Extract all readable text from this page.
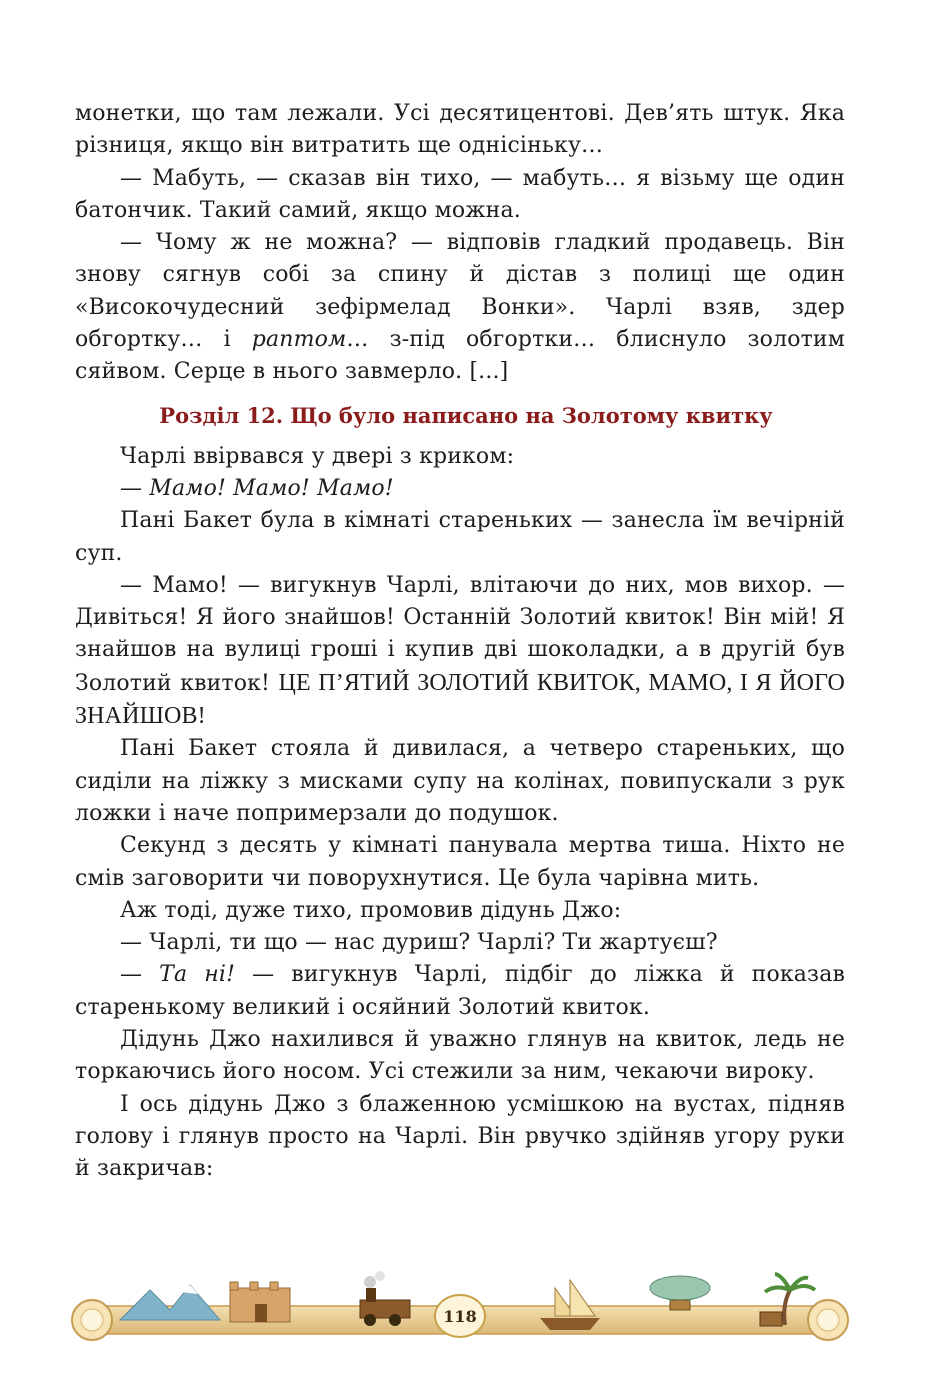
монетки, що там лежали. Усі десятицентові. Дев’ять штук. Яка різниця, якщо він витратить ще однісіньку…

— Мабуть, — сказав він тихо, — мабуть… я візьму ще один батончик. Такий самий, якщо можна.

— Чому ж не можна? — відповів гладкий продавець. Він знову сягнув собі за спину й дістав з полиці ще один «Високочудесний зефірмелад Вонки». Чарлі взяв, здер обгортку… і раптом… з-під обгортки… блиснуло золотим сяйвом. Серце в нього завмерло. [...]

Розділ 12. Що було написано на Золотому квитку

Чарлі ввірвався у двері з криком:

— Мамо! Мамо! Мамо!

Пані Бакет була в кімнаті старeньких — занесла їм вечірній суп.

— Мамо! — вигукнув Чарлі, влітаючи до них, мов вихор. — Дивіться! Я його знайшов! Останній Золотий квиток! Він мій! Я знайшов на вулиці гроші і купив дві шоколадки, а в другій був Золотий квиток! ЦЕ П’ЯТИЙ ЗОЛОТИЙ КВИТОК, МАМО, І Я ЙОГО ЗНАЙШОВ!

Пані Бакет стояла й дивилася, а четверо старeньких, що сиділи на ліжку з мисками супу на колінах, повипускали з рук ложки і наче попримерзали до подушок.

Секунд з десять у кімнаті панувала мертва тиша. Ніхто не смів заговорити чи поворухнутися. Це була чарівна мить.

Аж тоді, дуже тихо, промовив дідунь Джо:

— Чарлі, ти що — нас дуриш? Чарлі? Ти жартуєш?

— Та ні! — вигукнув Чарлі, підбіг до ліжка й показав старeнькому великий і осяйний Золотий квиток.

Дідунь Джо нахилився й уважно глянув на квиток, ледь не торкаючись його носом. Усі стежили за ним, чекаючи вироку.

І ось дідунь Джо з блаженною усмішкою на вустах, підняв голову і глянув просто на Чарлі. Він рвучко здійняв угору руки й закричав:

118
